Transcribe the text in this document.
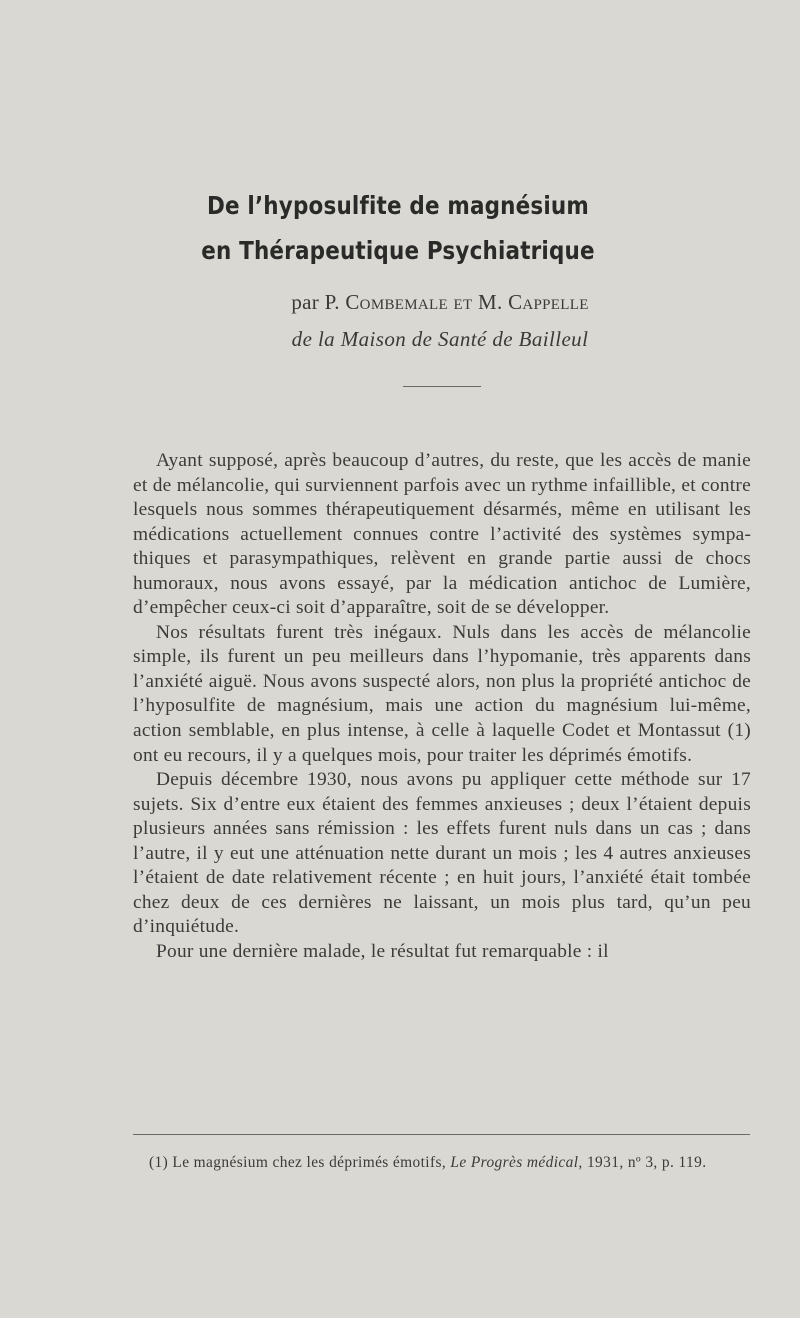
De l’hyposulfite de magnésium
en Thérapeutique Psychiatrique
par P. Combemale et M. Cappelle
de la Maison de Santé de Bailleul

Ayant supposé, après beaucoup d’autres, du reste, que les accès de manie et de mélancolie, qui surviennent parfois avec un rythme infaillible, et contre lesquels nous sommes thérapeutiquement désarmés, même en utilisant les médications actuellement connues contre l’activité des systèmes sympathiques et parasympathiques, relèvent en grande partie aussi de chocs humoraux, nous avons essayé, par la médication antichoc de Lumière, d’empêcher ceux-ci soit d’apparaître, soit de se développer.

Nos résultats furent très inégaux. Nuls dans les accès de mélancolie simple, ils furent un peu meilleurs dans l’hypomanie, très apparents dans l’anxiété aiguë. Nous avons suspecté alors, non plus la propriété antichoc de l’hyposulfite de magnésium, mais une action du magnésium lui-même, action semblable, en plus intense, à celle à laquelle Codet et Montassut (1) ont eu recours, il y a quelques mois, pour traiter les déprimés émotifs.

Depuis décembre 1930, nous avons pu appliquer cette méthode sur 17 sujets. Six d’entre eux étaient des femmes anxieuses ; deux l’étaient depuis plusieurs années sans rémission : les effets furent nuls dans un cas ; dans l’autre, il y eut une atténuation nette durant un mois ; les 4 autres anxieuses l’étaient de date relativement récente ; en huit jours, l’anxiété était tombée chez deux de ces dernières ne laissant, un mois plus tard, qu’un peu d’inquiétude.

Pour une dernière malade, le résultat fut remarquable : il

(1) Le magnésium chez les déprimés émotifs, Le Progrès médical, 1931, nº 3, p. 119.
